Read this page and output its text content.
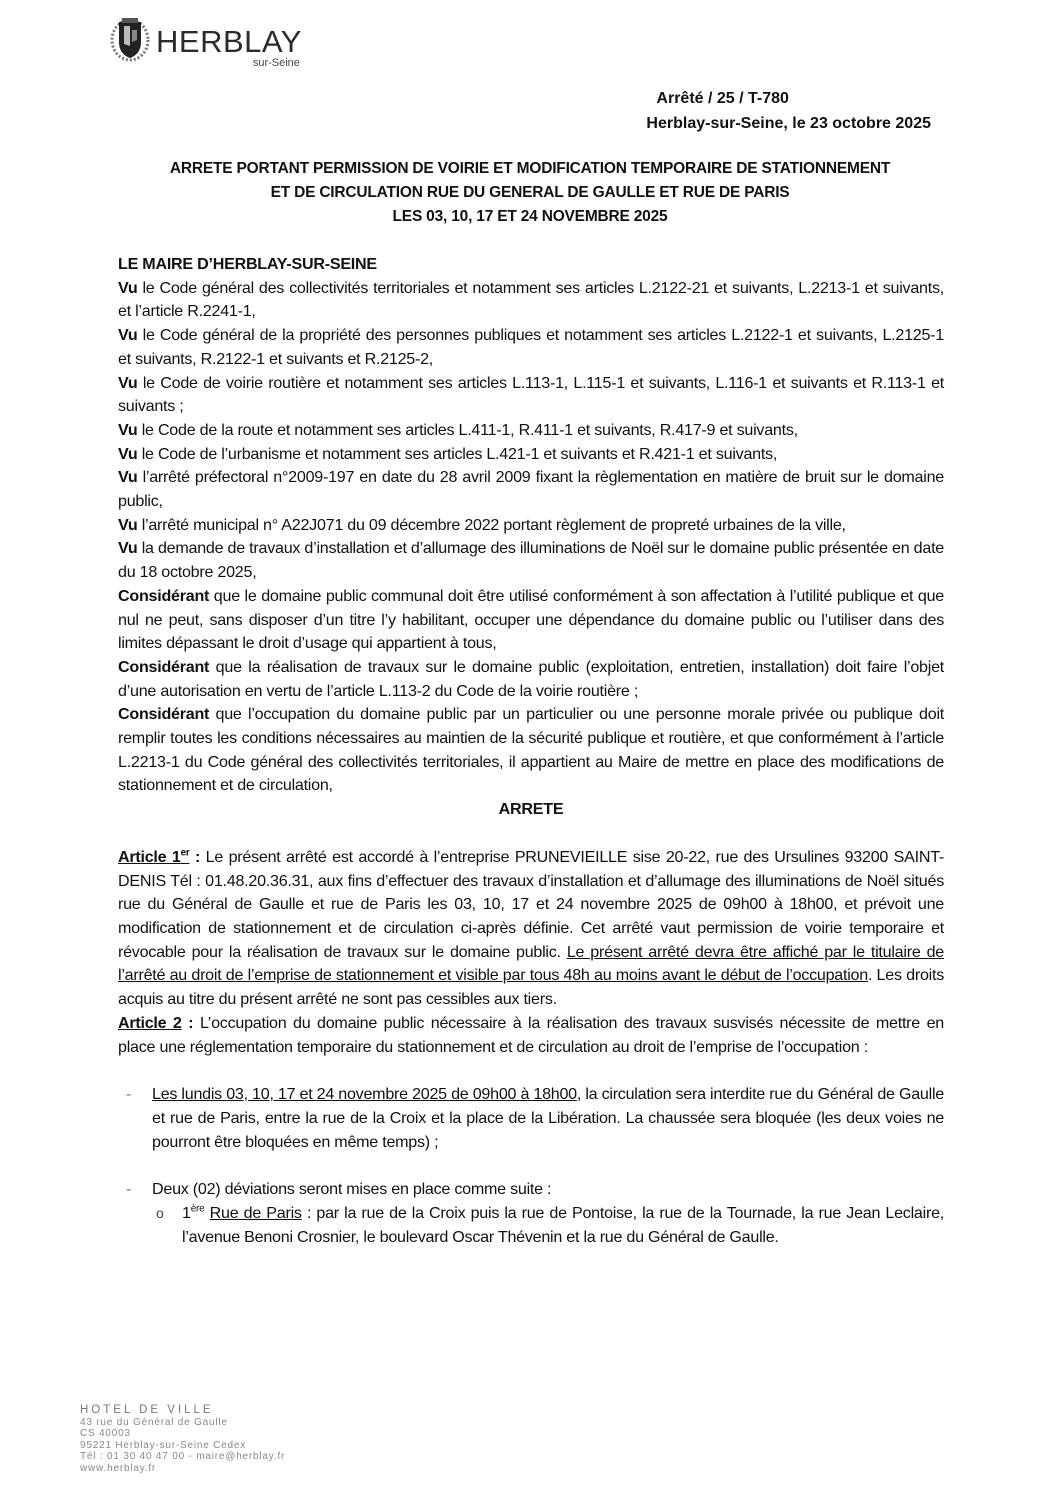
HERBLAY
sur-Seine
Arrêté / 25 / T-780
Herblay-sur-Seine, le 23 octobre 2025
ARRETE PORTANT PERMISSION DE VOIRIE ET MODIFICATION TEMPORAIRE DE STATIONNEMENT
ET DE CIRCULATION RUE DU GENERAL DE GAULLE ET RUE DE PARIS
LES 03, 10, 17 ET 24 NOVEMBRE 2025

LE MAIRE D’HERBLAY-SUR-SEINE

Vu le Code général des collectivités territoriales et notamment ses articles L.2122-21 et suivants, L.2213-1 et suivants, et l’article R.2241-1,

Vu le Code général de la propriété des personnes publiques et notamment ses articles L.2122-1 et suivants, L.2125-1 et suivants, R.2122-1 et suivants et R.2125-2,

Vu le Code de voirie routière et notamment ses articles L.113-1, L.115-1 et suivants, L.116-1 et suivants et R.113-1 et suivants ;

Vu le Code de la route et notamment ses articles L.411-1, R.411-1 et suivants, R.417-9 et suivants,

Vu le Code de l’urbanisme et notamment ses articles L.421-1 et suivants et R.421-1 et suivants,

Vu l’arrêté préfectoral n°2009-197 en date du 28 avril 2009 fixant la règlementation en matière de bruit sur le domaine public,

Vu l’arrêté municipal n° A22J071 du 09 décembre 2022 portant règlement de propreté urbaines de la ville,

Vu la demande de travaux d’installation et d’allumage des illuminations de Noël sur le domaine public présentée en date du 18 octobre 2025,

Considérant que le domaine public communal doit être utilisé conformément à son affectation à l’utilité publique et que nul ne peut, sans disposer d’un titre l’y habilitant, occuper une dépendance du domaine public ou l’utiliser dans des limites dépassant le droit d’usage qui appartient à tous,

Considérant que la réalisation de travaux sur le domaine public (exploitation, entretien, installation) doit faire l’objet d’une autorisation en vertu de l’article L.113-2 du Code de la voirie routière ;

Considérant que l’occupation du domaine public par un particulier ou une personne morale privée ou publique doit remplir toutes les conditions nécessaires au maintien de la sécurité publique et routière, et que conformément à l’article L.2213-1 du Code général des collectivités territoriales, il appartient au Maire de mettre en place des modifications de stationnement et de circulation,

ARRETE

Article 1er : Le présent arrêté est accordé à l’entreprise PRUNEVIEILLE sise 20-22, rue des Ursulines 93200 SAINT-DENIS Tél : 01.48.20.36.31, aux fins d’effectuer des travaux d’installation et d’allumage des illuminations de Noël situés rue du Général de Gaulle et rue de Paris les 03, 10, 17 et 24 novembre 2025 de 09h00 à 18h00, et prévoit une modification de stationnement et de circulation ci-après définie. Cet arrêté vaut permission de voirie temporaire et révocable pour la réalisation de travaux sur le domaine public. Le présent arrêté devra être affiché par le titulaire de l’arrêté au droit de l’emprise de stationnement et visible par tous 48h au moins avant le début de l’occupation. Les droits acquis au titre du présent arrêté ne sont pas cessibles aux tiers.

Article 2 : L’occupation du domaine public nécessaire à la réalisation des travaux susvisés nécessite de mettre en place une réglementation temporaire du stationnement et de circulation au droit de l’emprise de l’occupation :

- Les lundis 03, 10, 17 et 24 novembre 2025 de 09h00 à 18h00, la circulation sera interdite rue du Général de Gaulle et rue de Paris, entre la rue de la Croix et la place de la Libération. La chaussée sera bloquée (les deux voies ne pourront être bloquées en même temps) ;
- Deux (02) déviations seront mises en place comme suite :
o 1ère Rue de Paris : par la rue de la Croix puis la rue de Pontoise, la rue de la Tournade, la rue Jean Leclaire, l’avenue Benoni Crosnier, le boulevard Oscar Thévenin et la rue du Général de Gaulle.
HOTEL DE VILLE
43 rue du Général de Gaulle
CS 40003
95221 Herblay-sur-Seine Cedex
Tél : 01 30 40 47 00 - maire@herblay.fr
www.herblay.fr
